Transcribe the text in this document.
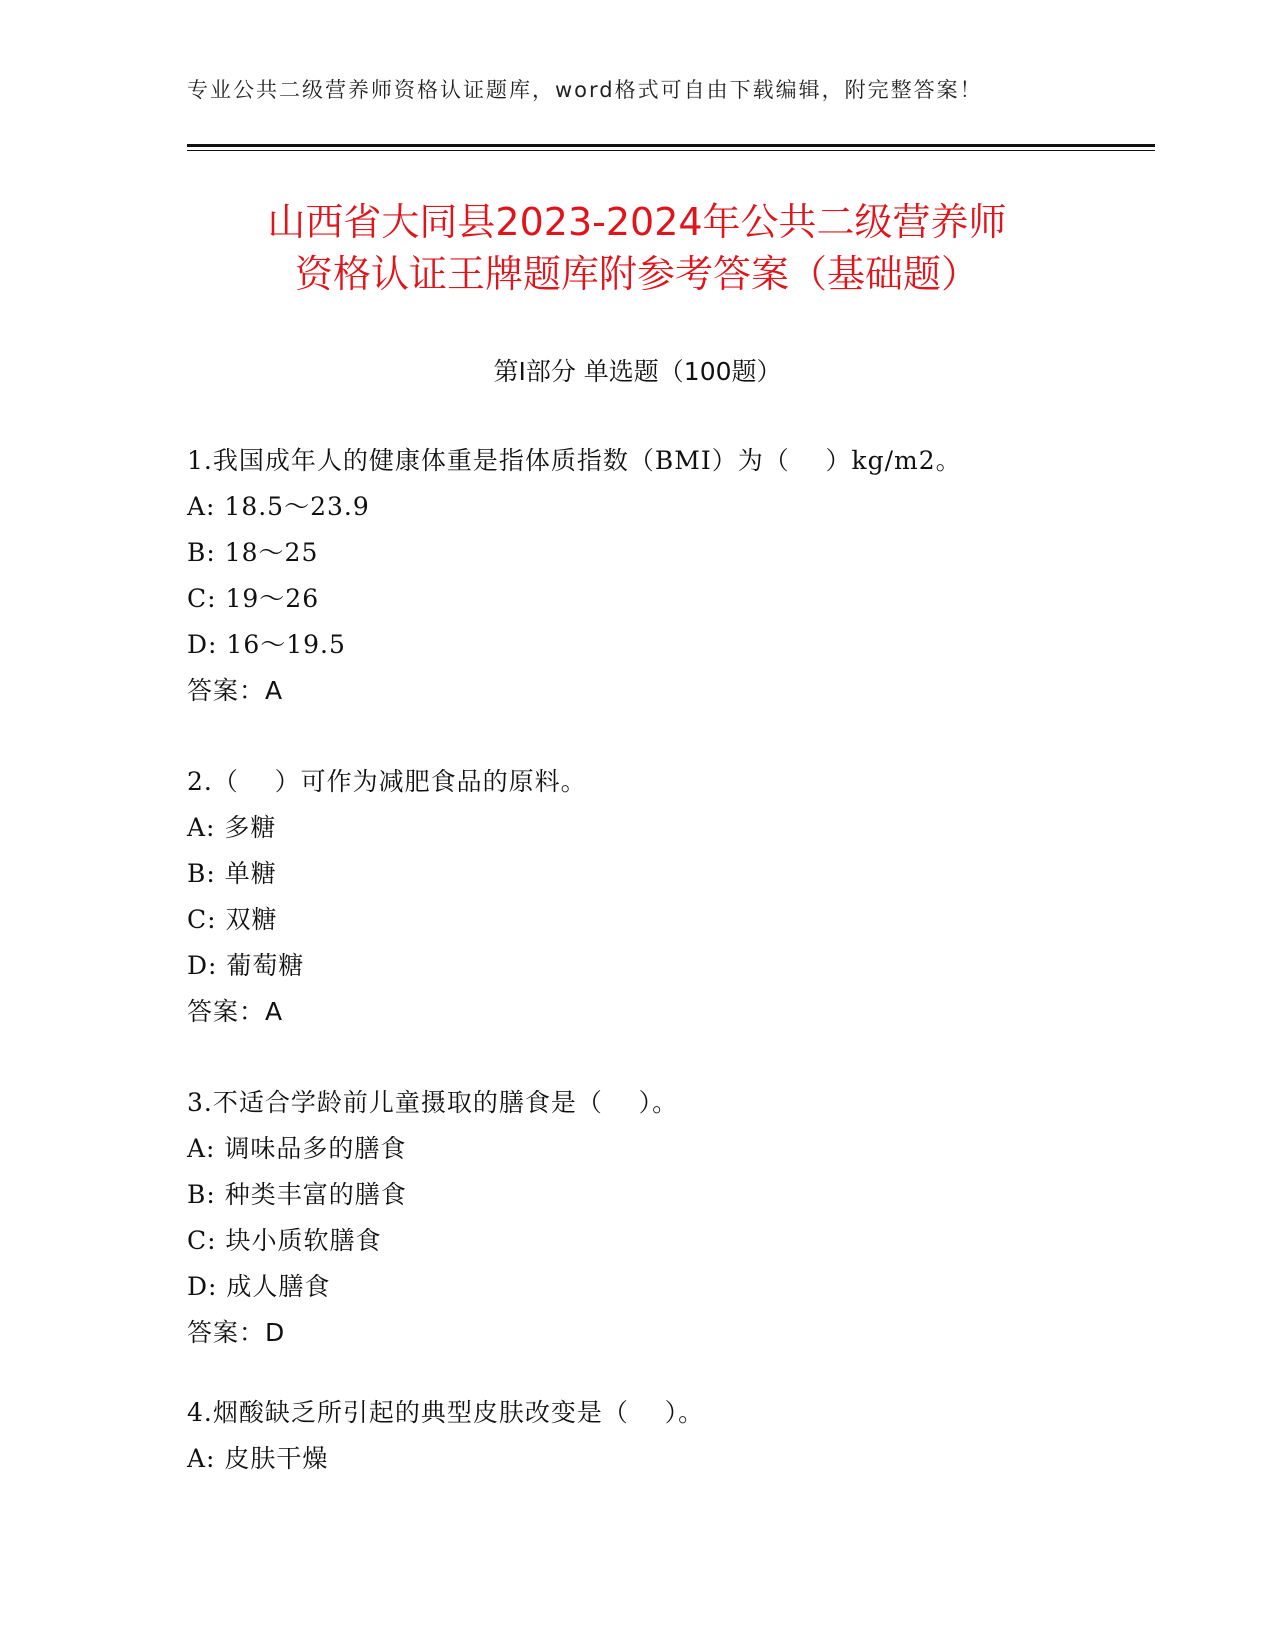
专业公共二级营养师资格认证题库，word格式可自由下载编辑，附完整答案！
山西省大同县2023-2024年公共二级营养师
资格认证王牌题库附参考答案（基础题）
第Ⅰ部分 单选题（100题）
1.我国成年人的健康体重是指体质指数（BMI）为（    ）kg/m2。
A: 18.5～23.9
B: 18～25
C: 19～26
D: 16～19.5
答案：A
2.（    ）可作为减肥食品的原料。
A: 多糖
B: 单糖
C: 双糖
D: 葡萄糖
答案：A
3.不适合学龄前儿童摄取的膳食是（    ）。
A: 调味品多的膳食
B: 种类丰富的膳食
C: 块小质软膳食
D: 成人膳食
答案：D
4.烟酸缺乏所引起的典型皮肤改变是（    ）。
A: 皮肤干燥
